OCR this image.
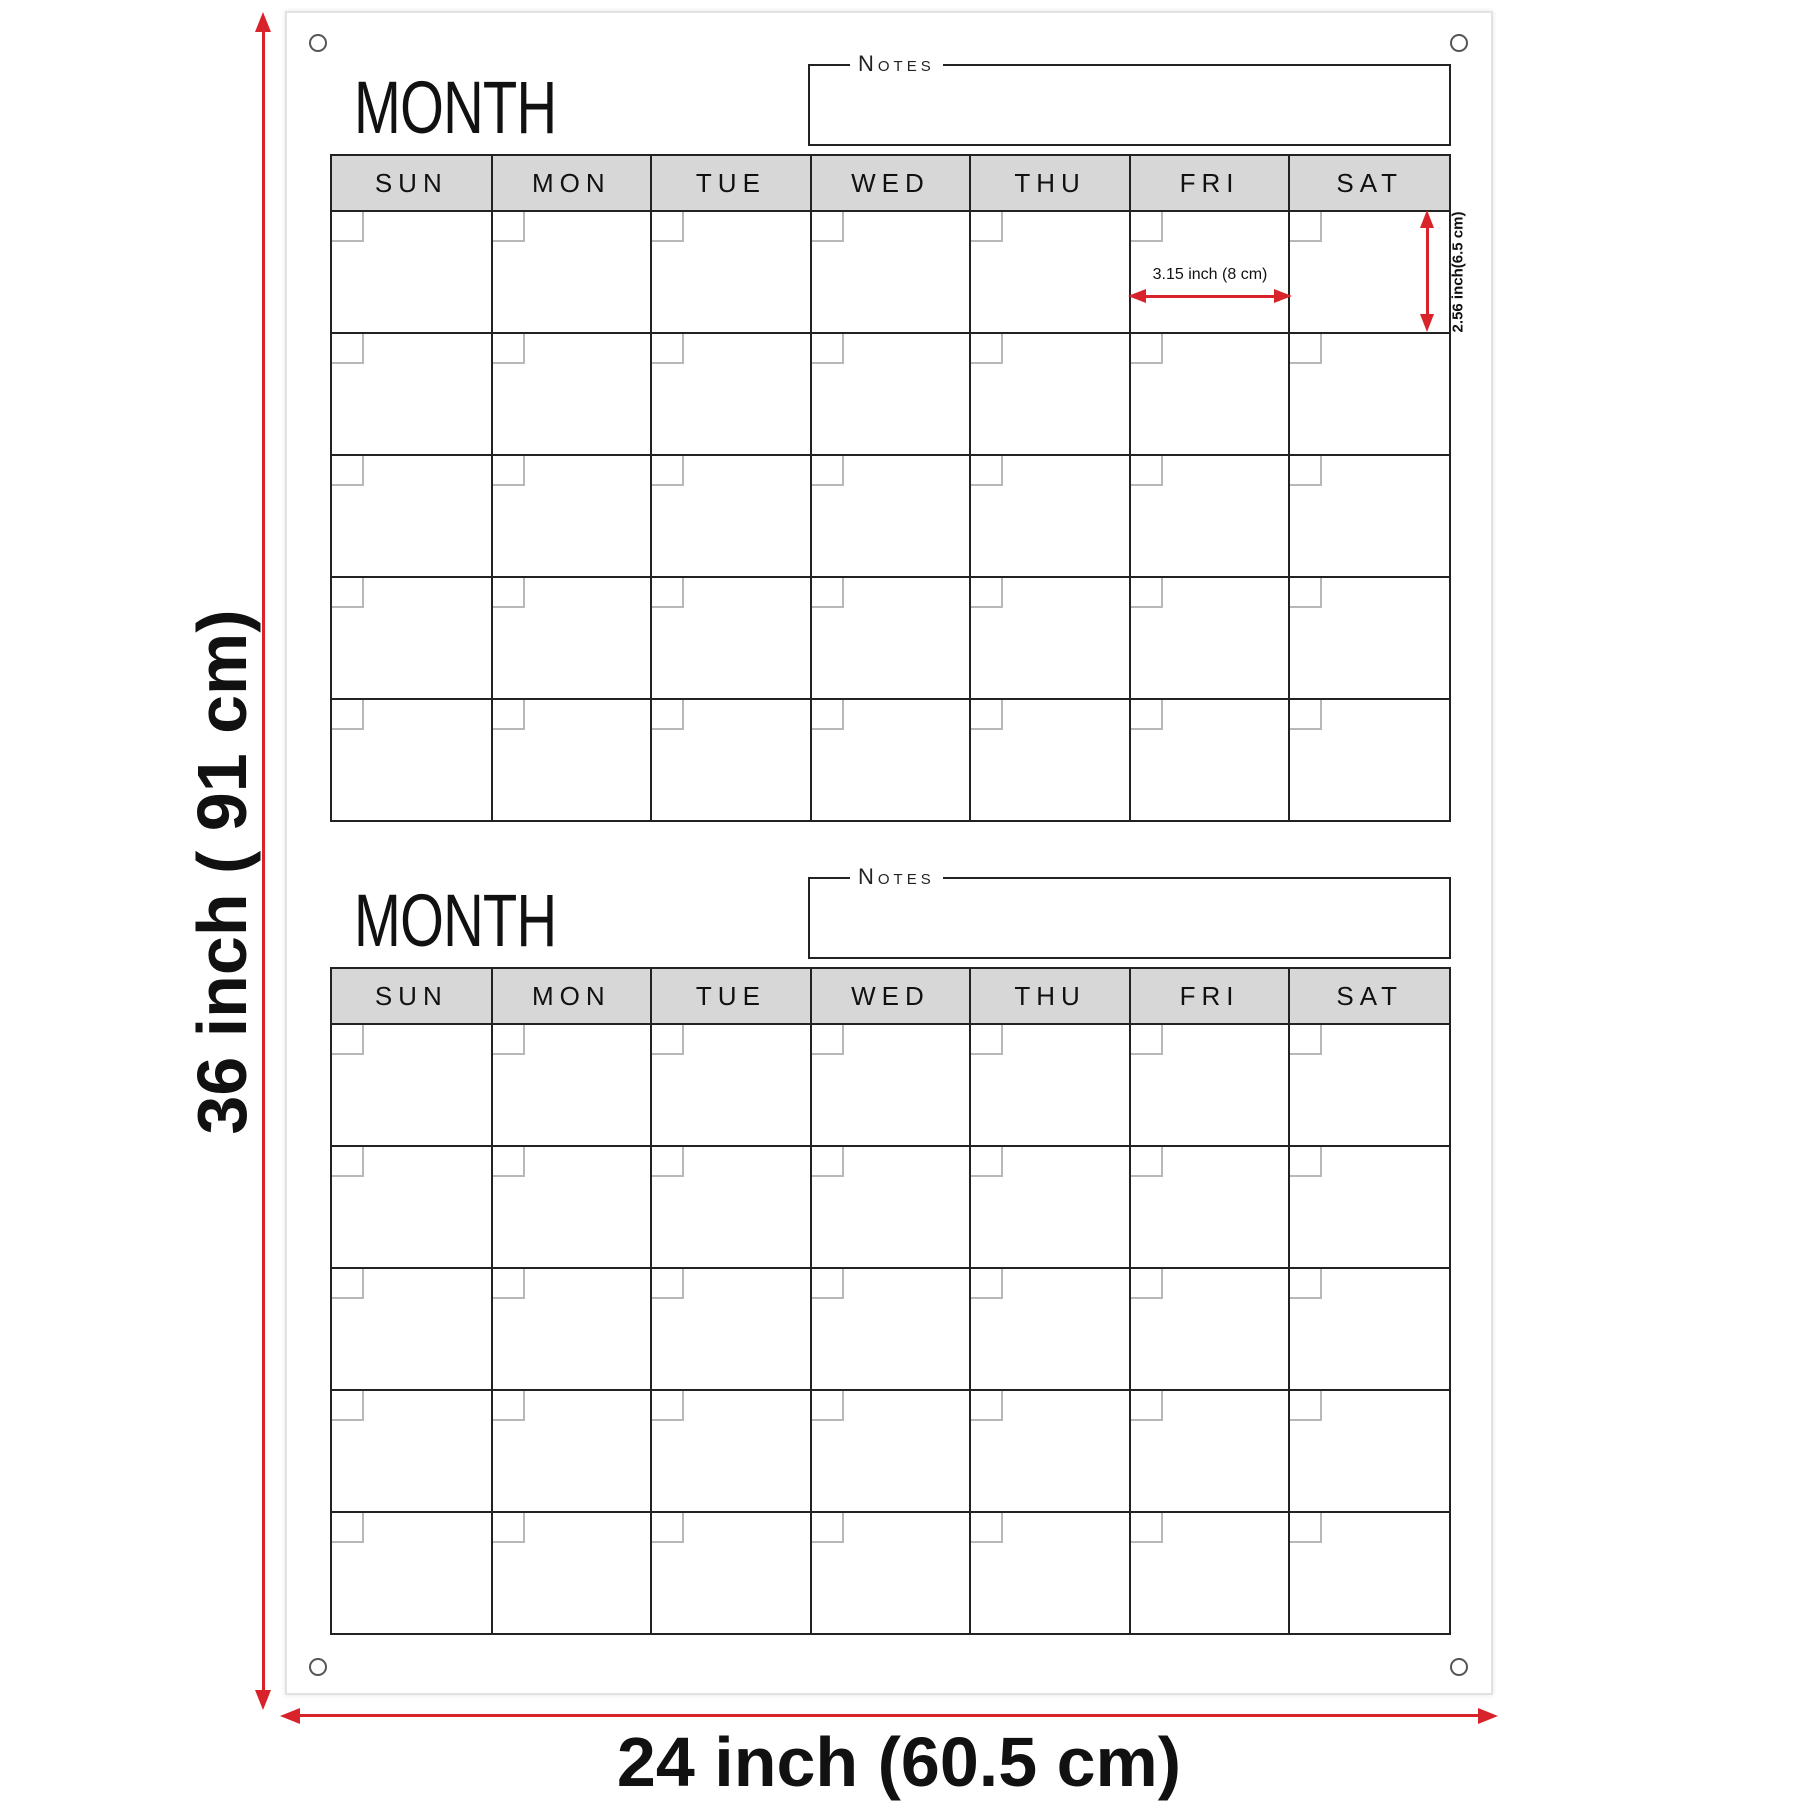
36 inch ( 91 cm)
24 inch (60.5 cm)
MONTH
Notes
SUN	MON	TUE	WED	THU	FRI	SAT

MONTH
Notes
SUN	MON	TUE	WED	THU	FRI	SAT

3.15 inch (8 cm)	2.56 inch(6.5 cm)
